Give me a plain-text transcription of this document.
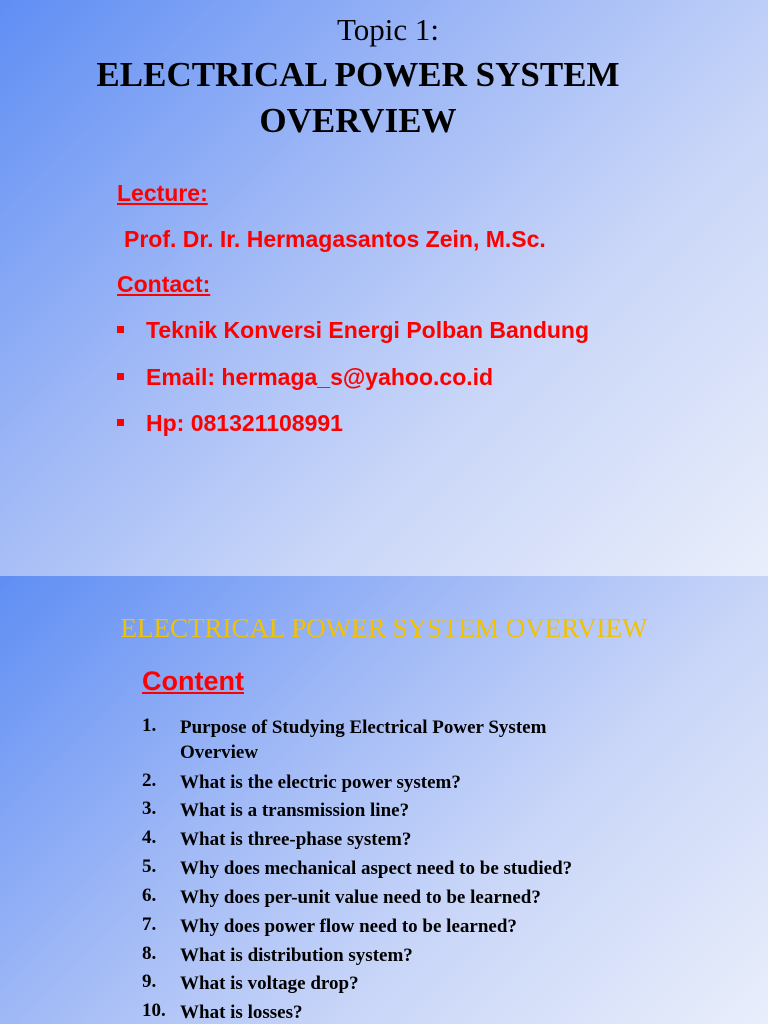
Topic 1:
ELECTRICAL POWER SYSTEM
OVERVIEW
Lecture:
Prof. Dr. Ir. Hermagasantos Zein, M.Sc.
Contact:
Teknik Konversi Energi Polban Bandung
Email: hermaga_s@yahoo.co.id
Hp: 081321108991
ELECTRICAL POWER SYSTEM OVERVIEW
Content
1. Purpose of Studying Electrical Power System Overview
2. What is the electric power system?
3. What is a transmission line?
4. What is three-phase system?
5. Why does mechanical aspect need to be studied?
6. Why does per-unit value need to be learned?
7. Why does power flow need to be learned?
8. What is distribution system?
9. What is voltage drop?
10. What is losses?
